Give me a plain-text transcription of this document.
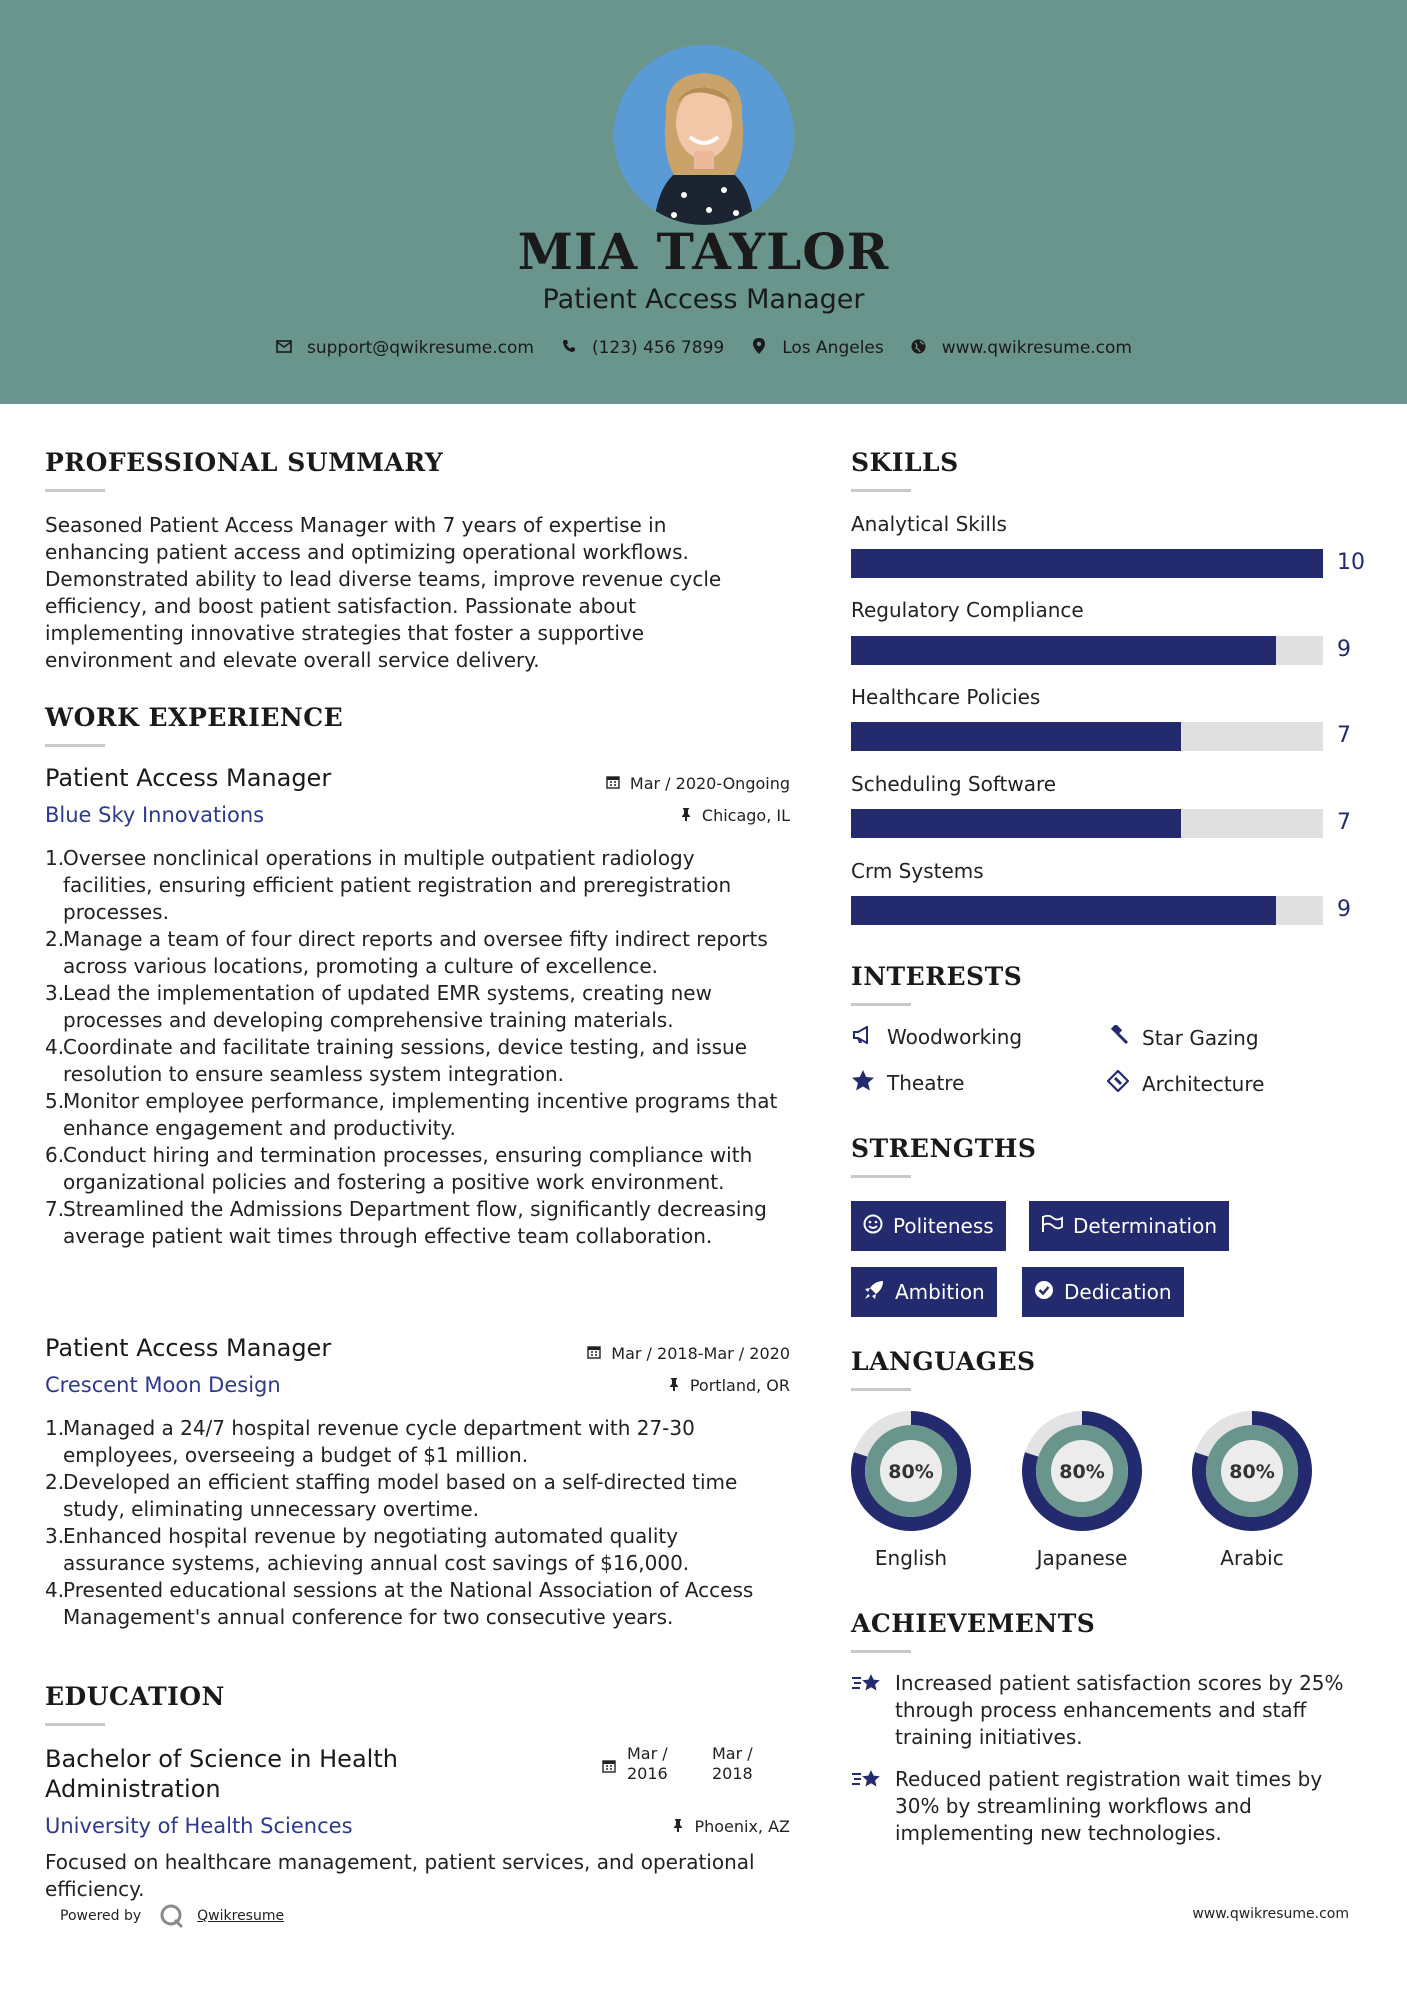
MIA TAYLOR
Patient Access Manager
support@qwikresume.com	(123) 456 7899	Los Angeles	www.qwikresume.com
PROFESSIONAL SUMMARY
Seasoned Patient Access Manager with 7 years of expertise in enhancing patient access and optimizing operational workflows. Demonstrated ability to lead diverse teams, improve revenue cycle efficiency, and boost patient satisfaction. Passionate about implementing innovative strategies that foster a supportive environment and elevate overall service delivery.
WORK EXPERIENCE
Patient Access Manager	Mar / 2020-Ongoing
Blue Sky Innovations	Chicago, IL
1.
Oversee nonclinical operations in multiple outpatient radiology facilities, ensuring efficient patient registration and preregistration processes.
2.
Manage a team of four direct reports and oversee fifty indirect reports across various locations, promoting a culture of excellence.
3.
Lead the implementation of updated EMR systems, creating new processes and developing comprehensive training materials.
4.
Coordinate and facilitate training sessions, device testing, and issue resolution to ensure seamless system integration.
5.
Monitor employee performance, implementing incentive programs that enhance engagement and productivity.
6.
Conduct hiring and termination processes, ensuring compliance with organizational policies and fostering a positive work environment.
7.
Streamlined the Admissions Department flow, significantly decreasing average patient wait times through effective team collaboration.
Patient Access Manager	Mar / 2018-Mar / 2020
Crescent Moon Design	Portland, OR
1.
Managed a 24/7 hospital revenue cycle department with 27-30 employees, overseeing a budget of $1 million.
2.
Developed an efficient staffing model based on a self-directed time study, eliminating unnecessary overtime.
3.
Enhanced hospital revenue by negotiating automated quality assurance systems, achieving annual cost savings of $16,000.
4.
Presented educational sessions at the National Association of Access Management's annual conference for two consecutive years.
EDUCATION
Bachelor of Science in Health Administration
Mar /
2016
Mar /
2018
University of Health Sciences	Phoenix, AZ
Focused on healthcare management, patient services, and operational efficiency.
Powered by	Qwikresume	www.qwikresume.com
SKILLS
Analytical Skills
10
Regulatory Compliance
9
Healthcare Policies
7
Scheduling Software
7
Crm Systems
9
INTERESTS
Woodworking	Star Gazing
Theatre	Architecture
STRENGTHS
Politeness	Determination
Ambition	Dedication
LANGUAGES
80%
English
80%
Japanese
80%
Arabic
ACHIEVEMENTS
Increased patient satisfaction scores by 25% through process enhancements and staff training initiatives.
Reduced patient registration wait times by 30% by streamlining workflows and implementing new technologies.
